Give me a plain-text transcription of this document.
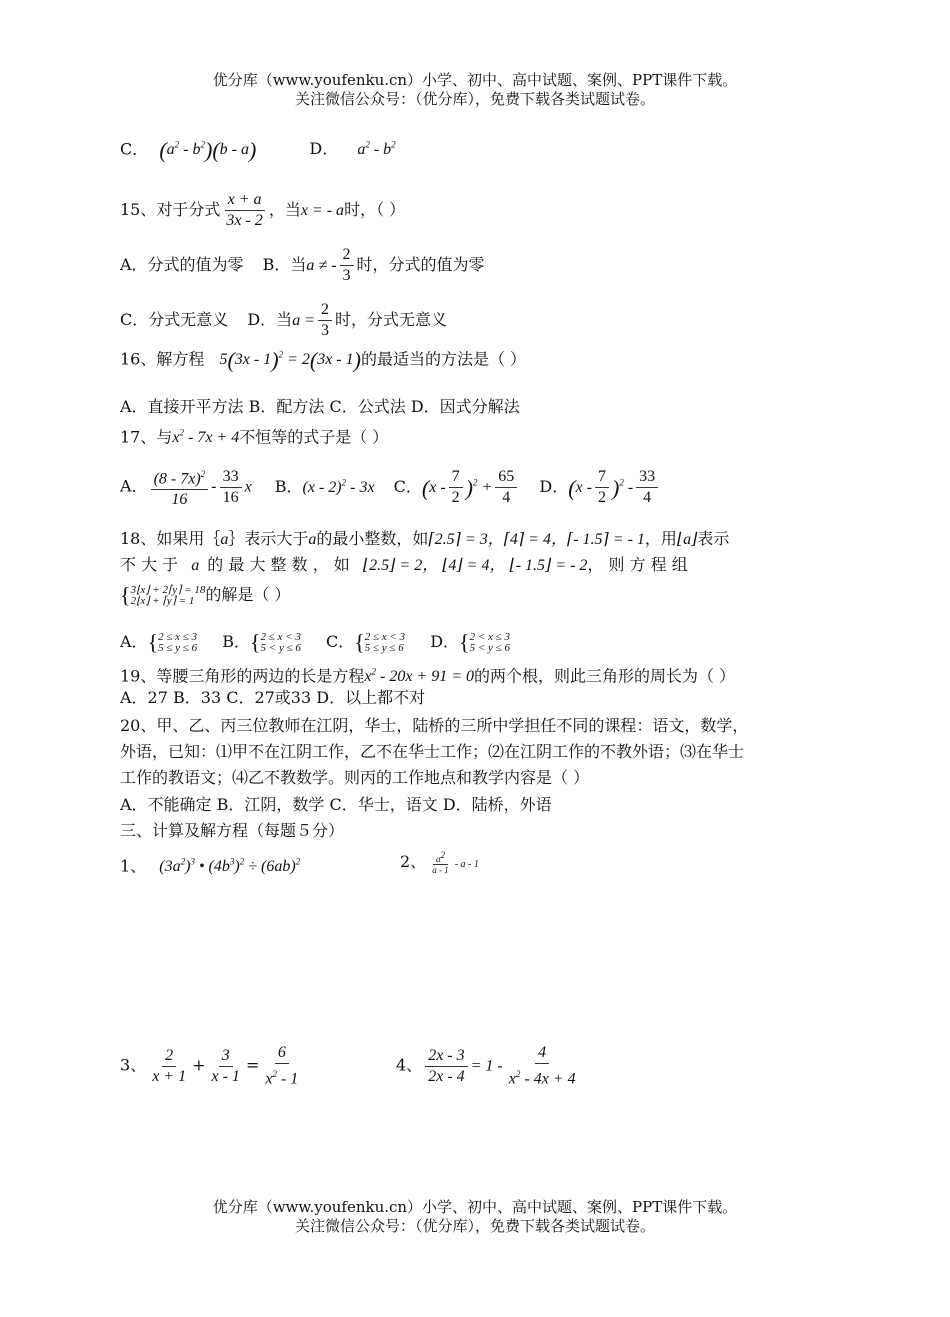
优分库（www.youfenku.cn）小学、初中、高中试题、案例、PPT课件下载。
关注微信公众号：（优分库），免费下载各类试题试卷。
C． $(a^2 - b^2)(b - a)$	D． $a^2 - b^2$
15、对于分式 $\frac{x + a}{3x - 2}$ ，当x = - a时，（ ）
A．分式的值为零 B．当a ≠ - $\frac{2}{3}$ 时，分式的值为零
C．分式无意义 D．当$a = \frac{2}{3}$ 时，分式无意义
16、解方程 5(3x - 1)$^2$ = 2(3x - 1)的最适当的方法是（ ）
A．直接开平方法 B．配方法 C．公式法 D．因式分解法
17、与$x^2 - 7x + 4$不恒等的式子是（ ）
A． $\frac{(8 - 7x)^2}{16} - \frac{33}{16}$ x B．(x - 2)$^2$ - 3x C．$(x - \frac{7}{2} )^2 + \frac{65}{4}$ D．$(x - \frac{7}{2} )^2 - \frac{33}{4}$
18、如果用｛a｝表示大于a的最小整数，如⌈2.5⌉ = 3，⌈4⌉ = 4，⌈- 1.5⌉ = - 1，用⌊a⌋表示
不 大 于 a 的 最 大 整 数 ， 如 ⌊2.5⌋ = 2， ⌊4⌋ = 4， ⌊- 1.5⌋ = - 2， 则 方 程 组
{3⌊x⌋ + 2⌈y⌉ = 18
2⌊x⌋ + ⌈y⌉ = 1 的解是（ ）
A．{2 ≤ x ≤ 3
5 ≤ y ≤ 6 B．{2 ≤ x < 3
5 < y ≤ 6 C．{2 ≤ x < 3
5 ≤ y ≤ 6 D．{2 < x ≤ 3
5 < y ≤ 6
19、等腰三角形的两边的长是方程$x^2 - 20x + 91 = 0$的两个根，则此三角形的周长为（ ）
A．27 B．33 C．27或33 D．以上都不对
20、甲、乙、丙三位教师在江阴，华士，陆桥的三所中学担任不同的课程：语文，数学，
外语，已知：⑴甲不在江阴工作，乙不在华士工作；⑵在江阴工作的不教外语；⑶在华士
工作的教语文；⑷乙不教数学。则丙的工作地点和教学内容是（ ）
A．不能确定 B．江阴，数学 C．华士，语文 D．陆桥，外语
三、计算及解方程（每题５分）
1、 $(3a^2)^3$ • $(4b^3)^2 \div (6ab)^2$	2、 $\frac{a^2}{a - 1}$ - a - 1
3、 $\frac{2}{x + 1} + \frac{3}{x - 1} = \frac{6}{x^2 - 1}$	4、 $\frac{2x - 3}{2x - 4} = 1 - \frac{4}{x^2 - 4x + 4}$
优分库（www.youfenku.cn）小学、初中、高中试题、案例、PPT课件下载。
关注微信公众号：（优分库），免费下载各类试题试卷。
